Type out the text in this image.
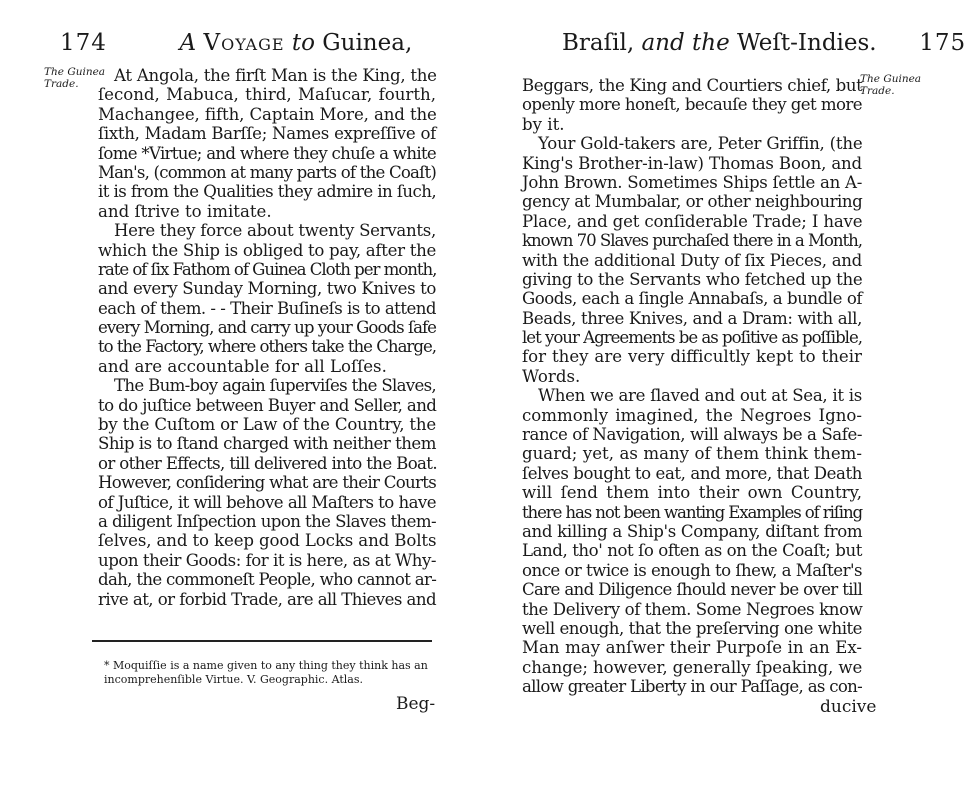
174	A Voyage to Guinea,
The Guinea
Trade.	At Angola, the firſt Man is the King, the
ſecond, Mabuca, third, Maſucar, fourth,
Machangee, fifth, Captain More, and the
ſixth, Madam Barſſe; Names expreſſive of
ſome *Virtue; and where they chuſe a white
Man's, (common at many parts of the Coaſt)
it is from the Qualities they admire in ſuch,
and ſtrive to imitate.
Here they force about twenty Servants,
which the Ship is obliged to pay, after the
rate of ſix Fathom of Guinea Cloth per month,
and every Sunday Morning, two Knives to
each of them. - - Their Buſineſs is to attend
every Morning, and carry up your Goods ſafe
to the Factory, where others take the Charge,
and are accountable for all Loſſes.
The Bum-boy again ſuperviſes the Slaves,
to do juſtice between Buyer and Seller, and
by the Cuſtom or Law of the Country, the
Ship is to ſtand charged with neither them
or other Effects, till delivered into the Boat.
However, conſidering what are their Courts
of Juſtice, it will behove all Maſters to have
a diligent Inſpection upon the Slaves them-
ſelves, and to keep good Locks and Bolts
upon their Goods: for it is here, as at Why-
dah, the commoneſt People, who cannot ar-
rive at, or forbid Trade, are all Thieves and
* Moquiſſie is a name given to any thing they think has an
incomprehenſible Virtue. V. Geographic. Atlas.
Beg-
Braſil, and the Weſt-Indies. 175
The Guinea
Trade.
Beggars, the King and Courtiers chief, but
openly more honeſt, becauſe they get more
by it.
Your Gold-takers are, Peter Griffin, (the
King's Brother-in-law) Thomas Boon, and
John Brown. Sometimes Ships ſettle an A-
gency at Mumbalar, or other neighbouring
Place, and get conſiderable Trade; I have
known 70 Slaves purchaſed there in a Month,
with the additional Duty of ſix Pieces, and
giving to the Servants who fetched up the
Goods, each a ſingle Annabaſs, a bundle of
Beads, three Knives, and a Dram: with all,
let your Agreements be as poſitive as poſſible,
for they are very difficultly kept to their
Words.
When we are ſlaved and out at Sea, it is
commonly imagined, the Negroes Igno-
rance of Navigation, will always be a Safe-
guard; yet, as many of them think them-
ſelves bought to eat, and more, that Death
will ſend them into their own Country,
there has not been wanting Examples of riſing
and killing a Ship's Company, diſtant from
Land, tho' not ſo often as on the Coaſt; but
once or twice is enough to ſhew, a Maſter's
Care and Diligence ſhould never be over till
the Delivery of them. Some Negroes know
well enough, that the preſerving one white
Man may anſwer their Purpoſe in an Ex-
change; however, generally ſpeaking, we
allow greater Liberty in our Paſſage, as con-
ducive
